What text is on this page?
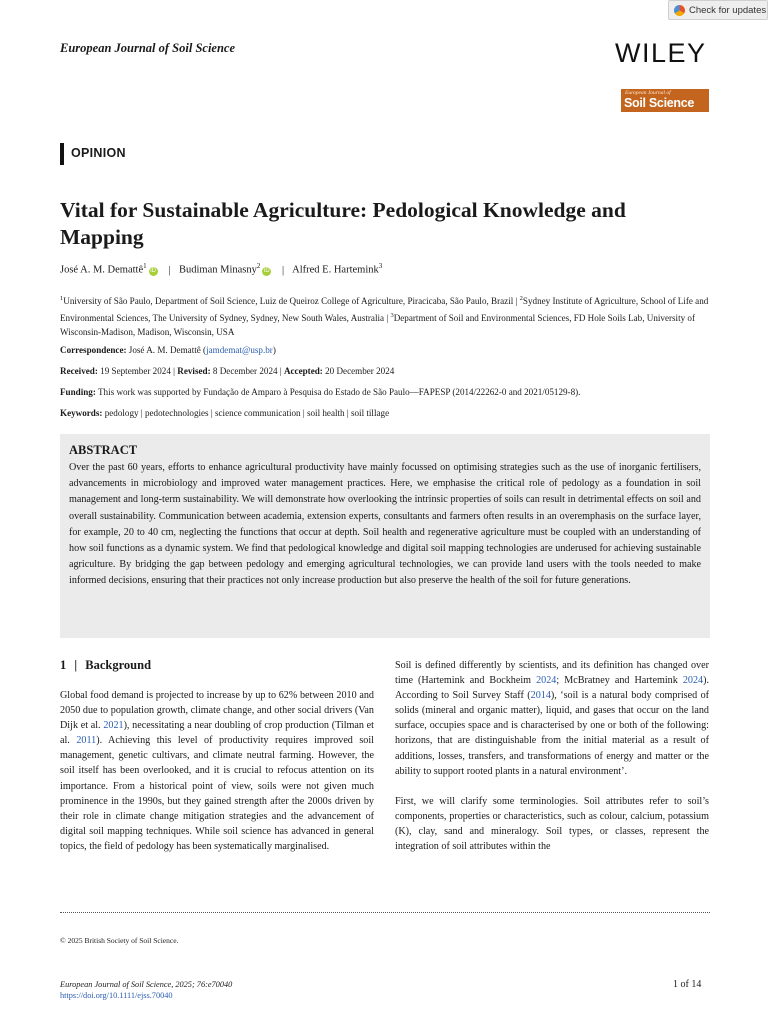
Check for updates
European Journal of Soil Science	WILEY
European Journal of
Soil Science
OPINION
Vital for Sustainable Agriculture: Pedological Knowledge and Mapping
José A. M. Demattê$^1$iD | Budiman Minasny$^2$iD | Alfred E. Hartemink$^3$
$^1$University of São Paulo, Department of Soil Science, Luiz de Queiroz College of Agriculture, Piracicaba, São Paulo, Brazil | $^2$Sydney Institute of Agriculture, School of Life and Environmental Sciences, The University of Sydney, Sydney, New South Wales, Australia | $^3$Department of Soil and Environmental Sciences, FD Hole Soils Lab, University of Wisconsin-Madison, Madison, Wisconsin, USA
Correspondence: José A. M. Demattê (jamdemat@usp.br)
Received: 19 September 2024 | Revised: 8 December 2024 | Accepted: 20 December 2024
Funding: This work was supported by Fundação de Amparo à Pesquisa do Estado de São Paulo—FAPESP (2014/22262-0 and 2021/05129-8).
Keywords: pedology | pedotechnologies | science communication | soil health | soil tillage
ABSTRACT
Over the past 60 years, efforts to enhance agricultural productivity have mainly focussed on optimising strategies such as the use of inorganic fertilisers, advancements in microbiology and improved water management practices. Here, we emphasise the critical role of pedology as a foundation in soil management and long-term sustainability. We will demonstrate how overlooking the intrinsic properties of soils can result in detrimental effects on soil and overall sustainability. Communication between academia, extension experts, consultants and farmers often results in an overemphasis on the surface layer, for example, 20 to 40 cm, neglecting the functions that occur at depth. Soil health and regenerative agriculture must be coupled with an understanding of how soil functions as a dynamic system. We find that pedological knowledge and digital soil mapping technologies are underused for achieving sustainable agriculture. By bridging the gap between pedology and emerging agricultural technologies, we can provide land users with the tools needed to make informed decisions, ensuring that their practices not only increase production but also preserve the health of the soil for future generations.
1 | Background
Global food demand is projected to increase by up to 62% between 2010 and 2050 due to population growth, climate change, and other social drivers (Van Dijk et al. 2021), necessitating a near doubling of crop production (Tilman et al. 2011). Achieving this level of productivity requires improved soil management, genetic cultivars, and climate neutral farming. However, the soil itself has been overlooked, and it is crucial to refocus attention on its importance. From a historical point of view, soils were not given much prominence in the 1990s, but they gained strength after the 2000s driven by their role in climate change mitigation strategies and the advancement of digital soil mapping techniques. While soil science has advanced in general topics, the field of pedology has been systematically marginalised.
Soil is defined differently by scientists, and its definition has changed over time (Hartemink and Bockheim 2024; McBratney and Hartemink 2024). According to Soil Survey Staff (2014), ‘soil is a natural body comprised of solids (mineral and organic matter), liquid, and gases that occur on the land surface, occupies space and is characterised by one or both of the following: horizons, that are distinguishable from the initial material as a result of additions, losses, transfers, and transformations of energy and matter or the ability to support rooted plants in a natural environment’.
First, we will clarify some terminologies. Soil attributes refer to soil’s components, properties or characteristics, such as colour, calcium, potassium (K), clay, sand and mineralogy. Soil types, or classes, represent the integration of soil attributes within the
© 2025 British Society of Soil Science.
European Journal of Soil Science, 2025; 76:e70040
https://doi.org/10.1111/ejss.70040
1 of 14
